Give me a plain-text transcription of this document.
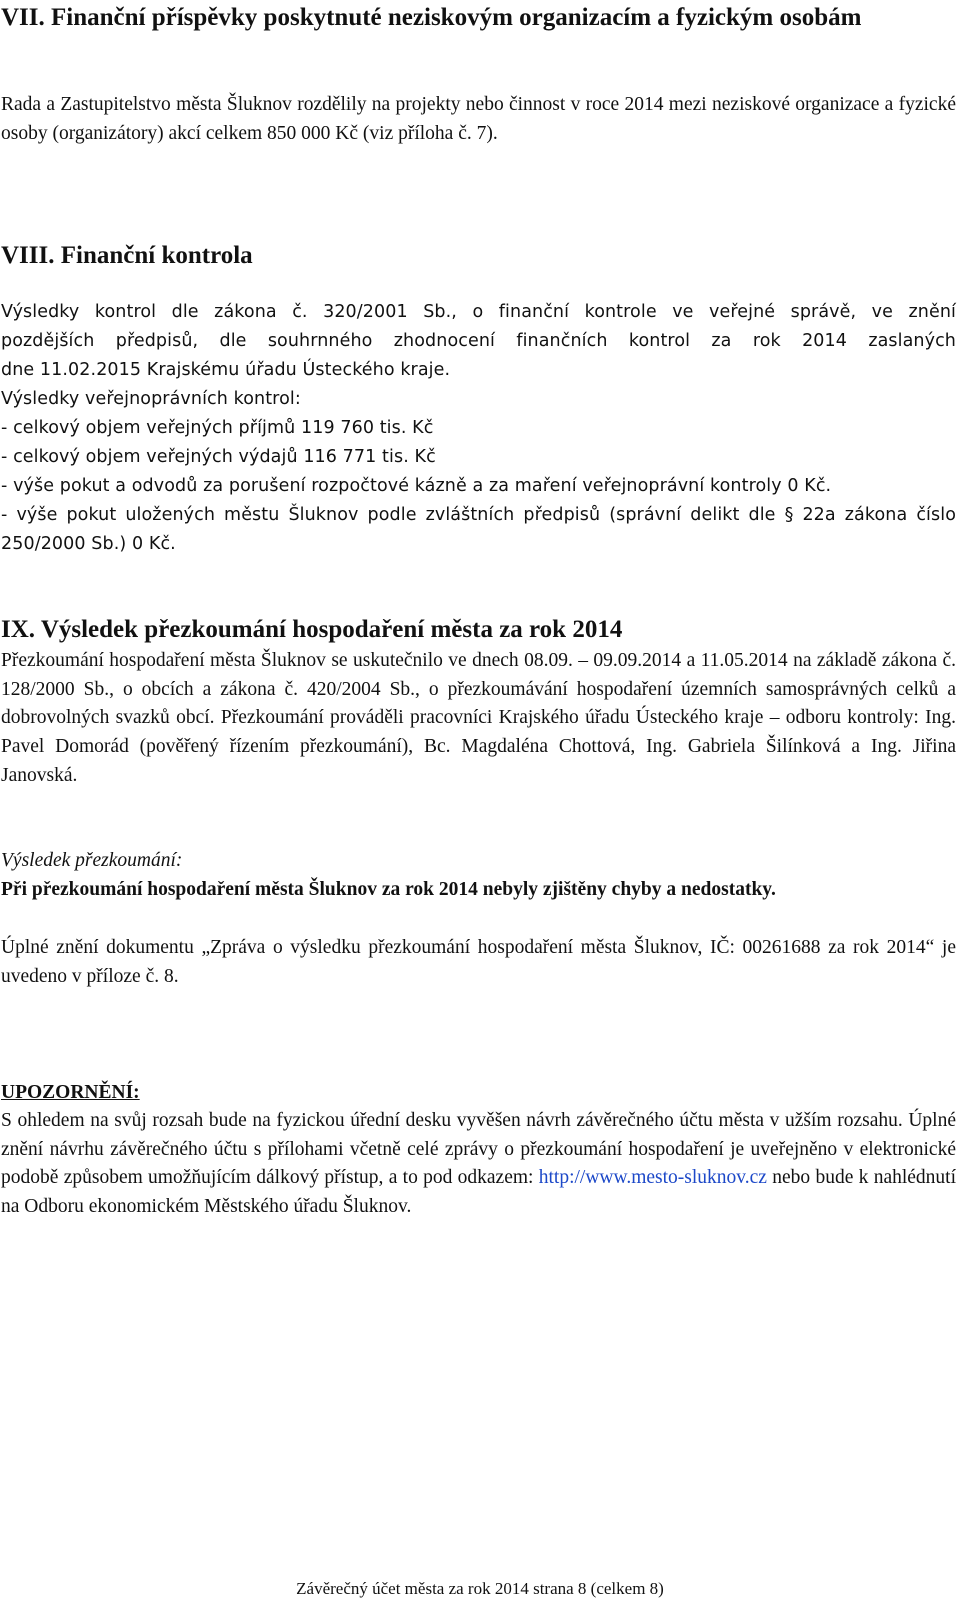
VII. Finanční příspěvky poskytnuté neziskovým organizacím a fyzickým osobám

Rada a Zastupitelstvo města Šluknov rozdělily na projekty nebo činnost v roce 2014 mezi neziskové organizace a fyzické osoby (organizátory) akcí celkem 850 000 Kč (viz příloha č. 7).

VIII. Finanční kontrola

Výsledky kontrol dle zákona č. 320/2001 Sb., o finanční kontrole ve veřejné správě, ve znění
pozdějších předpisů, dle souhrnného zhodnocení finančních kontrol za rok 2014 zaslaných
dne 11.02.2015 Krajskému úřadu Ústeckého kraje.
Výsledky veřejnoprávních kontrol:
- celkový objem veřejných příjmů 119 760 tis. Kč
- celkový objem veřejných výdajů 116 771 tis. Kč
- výše pokut a odvodů za porušení rozpočtové kázně a za maření veřejnoprávní kontroly 0 Kč.
- výše pokut uložených městu Šluknov podle zvláštních předpisů (správní delikt dle § 22a zákona číslo 250/2000 Sb.) 0 Kč.

IX. Výsledek přezkoumání hospodaření města za rok 2014

Přezkoumání hospodaření města Šluknov se uskutečnilo ve dnech 08.09. – 09.09.2014 a 11.05.2014 na základě zákona č. 128/2000 Sb., o obcích a zákona č. 420/2004 Sb., o přezkoumávání hospodaření územních samosprávných celků a dobrovolných svazků obcí. Přezkoumání prováděli pracovníci Krajského úřadu Ústeckého kraje – odboru kontroly: Ing. Pavel Domorád (pověřený řízením přezkoumání), Bc. Magdaléna Chottová, Ing. Gabriela Šilínková a Ing. Jiřina Janovská.

Výsledek přezkoumání:

Při přezkoumání hospodaření města Šluknov za rok 2014 nebyly zjištěny chyby a nedostatky.

Úplné znění dokumentu „Zpráva o výsledku přezkoumání hospodaření města Šluknov, IČ: 00261688 za rok 2014“ je uvedeno v příloze č. 8.

UPOZORNĚNÍ:

S ohledem na svůj rozsah bude na fyzickou úřední desku vyvěšen návrh závěrečného účtu města v užším rozsahu. Úplné znění návrhu závěrečného účtu s přílohami včetně celé zprávy o přezkoumání hospodaření je uveřejněno v elektronické podobě způsobem umožňujícím dálkový přístup, a to pod odkazem: http://www.mesto-sluknov.cz nebo bude k nahlédnutí na Odboru ekonomickém Městského úřadu Šluknov.

Závěrečný účet města za rok 2014 strana 8 (celkem 8)
